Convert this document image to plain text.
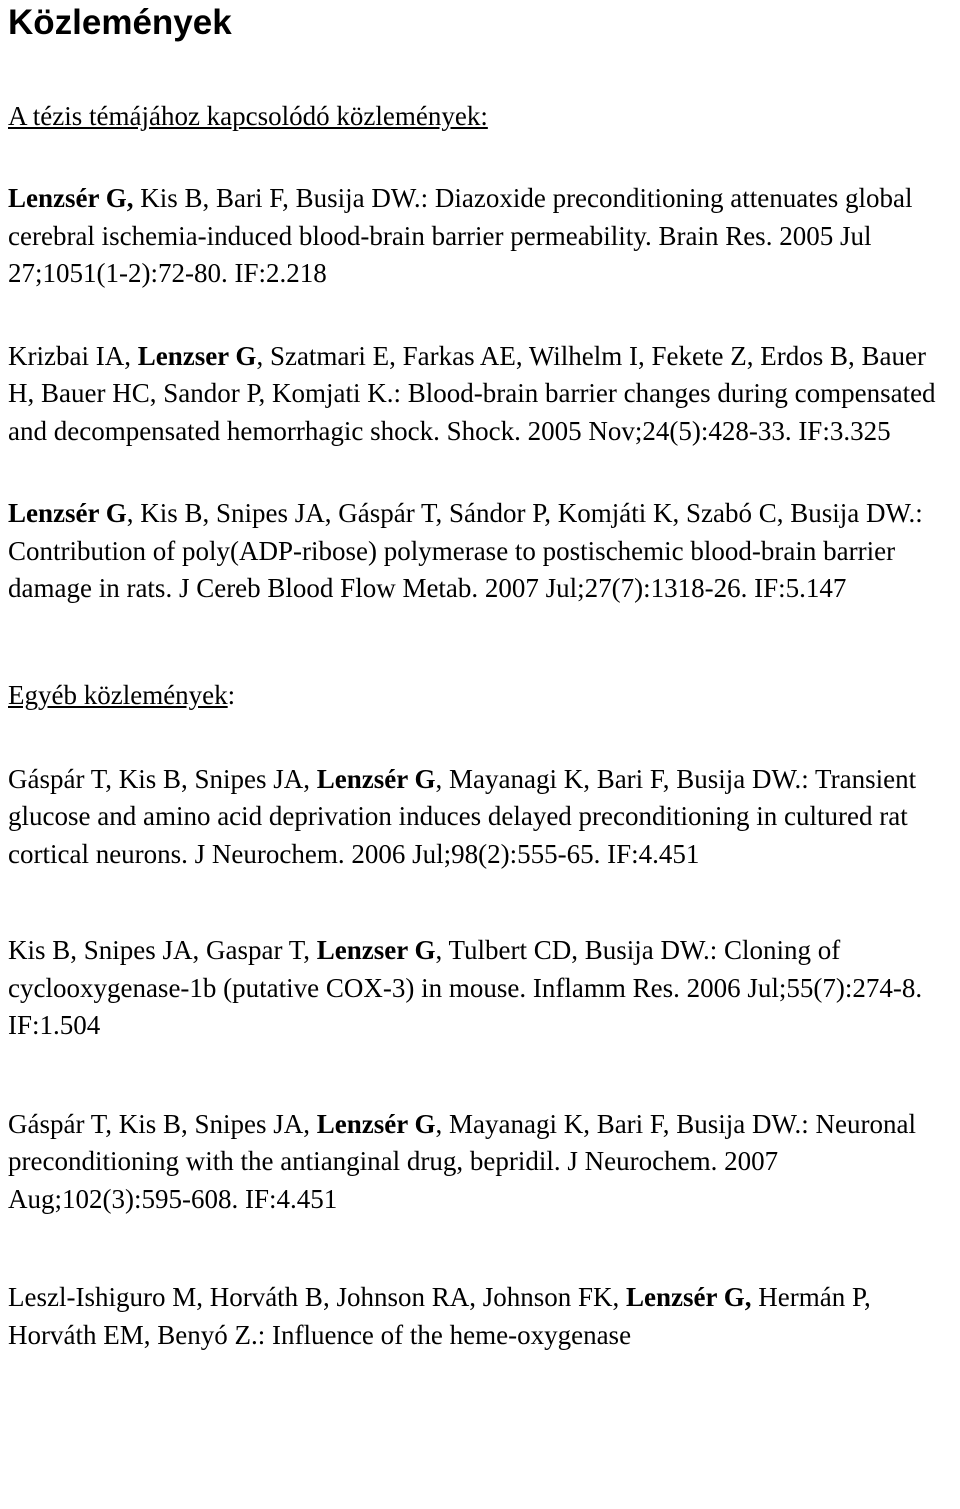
Közlemények

A tézis témájához kapcsolódó közlemények:

Lenzsér G, Kis B, Bari F, Busija DW.: Diazoxide preconditioning attenuates global cerebral ischemia-induced blood-brain barrier permeability. Brain Res. 2005 Jul 27;1051(1-2):72-80. IF:2.218

Krizbai IA, Lenzser G, Szatmari E, Farkas AE, Wilhelm I, Fekete Z, Erdos B, Bauer H, Bauer HC, Sandor P, Komjati K.: Blood-brain barrier changes during compensated and decompensated hemorrhagic shock. Shock. 2005 Nov;24(5):428-33. IF:3.325

Lenzsér G, Kis B, Snipes JA, Gáspár T, Sándor P, Komjáti K, Szabó C, Busija DW.: Contribution of poly(ADP-ribose) polymerase to postischemic blood-brain barrier damage in rats. J Cereb Blood Flow Metab. 2007 Jul;27(7):1318-26. IF:5.147

Egyéb közlemények:

Gáspár T, Kis B, Snipes JA, Lenzsér G, Mayanagi K, Bari F, Busija DW.: Transient glucose and amino acid deprivation induces delayed preconditioning in cultured rat cortical neurons. J Neurochem. 2006 Jul;98(2):555-65. IF:4.451

Kis B, Snipes JA, Gaspar T, Lenzser G, Tulbert CD, Busija DW.: Cloning of cyclooxygenase-1b (putative COX-3) in mouse. Inflamm Res. 2006 Jul;55(7):274-8. IF:1.504

Gáspár T, Kis B, Snipes JA, Lenzsér G, Mayanagi K, Bari F, Busija DW.: Neuronal preconditioning with the antianginal drug, bepridil. J Neurochem. 2007 Aug;102(3):595-608. IF:4.451

Leszl-Ishiguro M, Horváth B, Johnson RA, Johnson FK, Lenzsér G, Hermán P, Horváth EM, Benyó Z.: Influence of the heme-oxygenase
